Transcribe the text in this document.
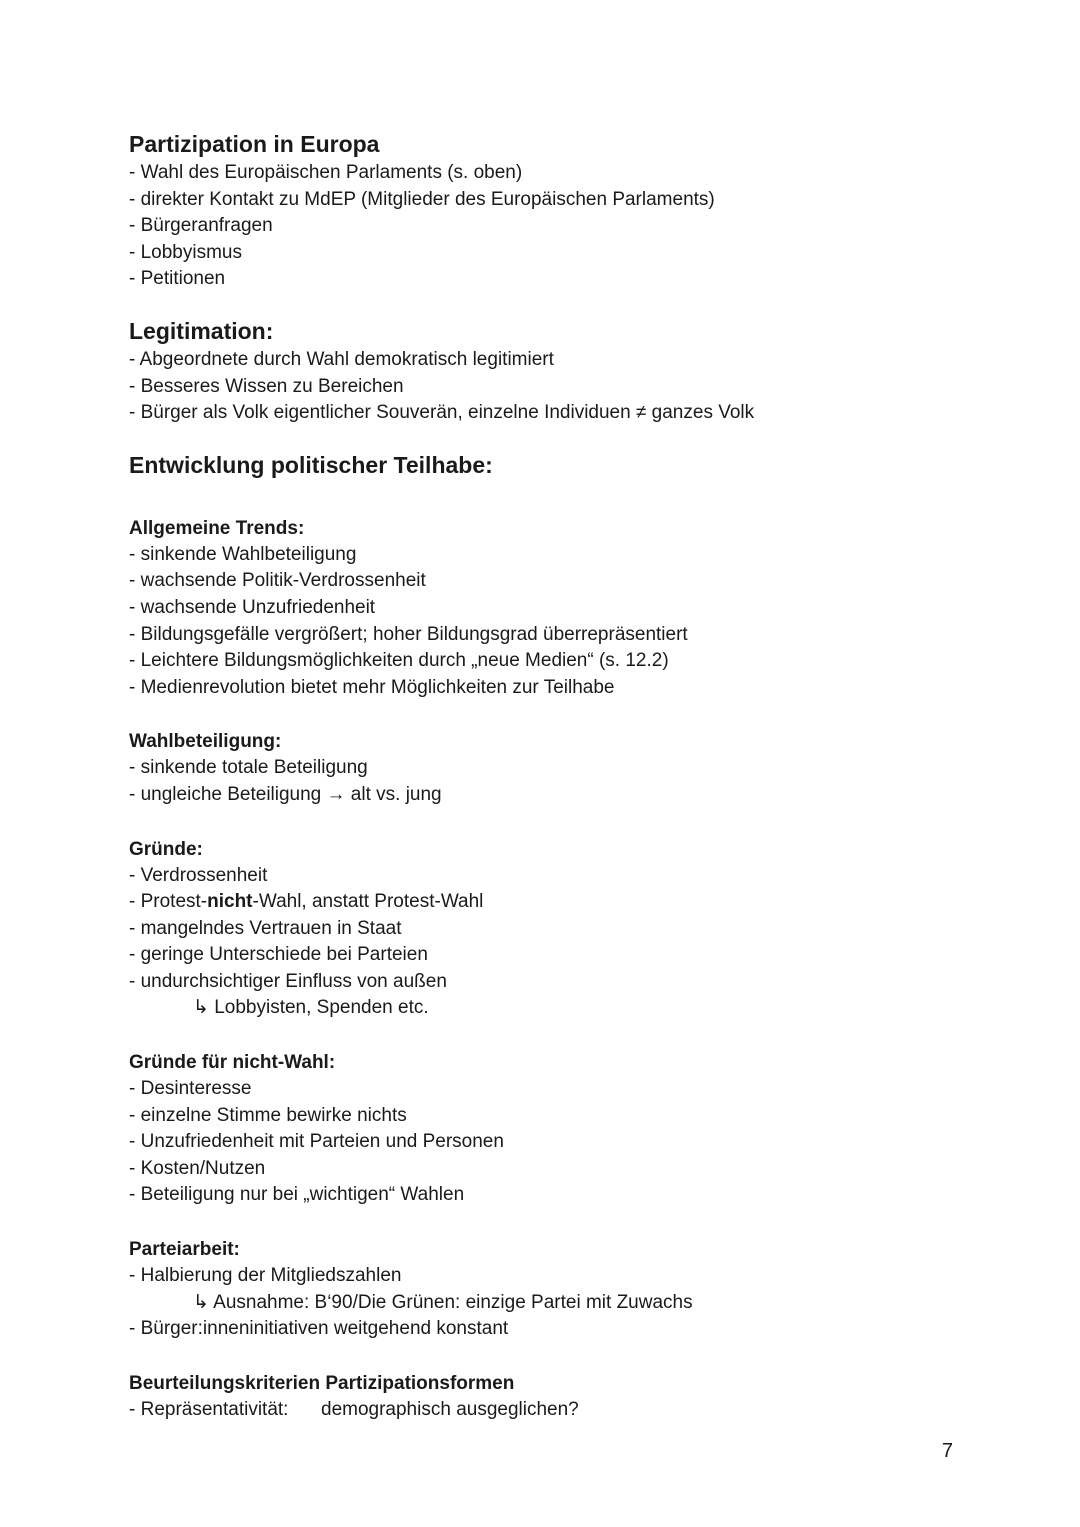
Partizipation in Europa

- Wahl des Europäischen Parlaments (s. oben)

- direkter Kontakt zu MdEP (Mitglieder des Europäischen Parlaments)

- Bürgeranfragen

- Lobbyismus

- Petitionen

Legitimation:

- Abgeordnete durch Wahl demokratisch legitimiert

- Besseres Wissen zu Bereichen

- Bürger als Volk eigentlicher Souverän, einzelne Individuen ≠ ganzes Volk

Entwicklung politischer Teilhabe:

Allgemeine Trends:

- sinkende Wahlbeteiligung

- wachsende Politik-Verdrossenheit

- wachsende Unzufriedenheit

- Bildungsgefälle vergrößert; hoher Bildungsgrad überrepräsentiert

- Leichtere Bildungsmöglichkeiten durch „neue Medien“ (s. 12.2)

- Medienrevolution bietet mehr Möglichkeiten zur Teilhabe

Wahlbeteiligung:

- sinkende totale Beteiligung

- ungleiche Beteiligung → alt vs. jung

Gründe:

- Verdrossenheit

- Protest-nicht-Wahl, anstatt Protest-Wahl

- mangelndes Vertrauen in Staat

- geringe Unterschiede bei Parteien

- undurchsichtiger Einfluss von außen

↳ Lobbyisten, Spenden etc.

Gründe für nicht-Wahl:

- Desinteresse

- einzelne Stimme bewirke nichts

- Unzufriedenheit mit Parteien und Personen

- Kosten/Nutzen

- Beteiligung nur bei „wichtigen“ Wahlen

Parteiarbeit:

- Halbierung der Mitgliedszahlen

↳ Ausnahme: B‘90/Die Grünen: einzige Partei mit Zuwachs

- Bürger:inneninitiativen weitgehend konstant

Beurteilungskriterien Partizipationsformen

- Repräsentativität: demographisch ausgeglichen?

7
